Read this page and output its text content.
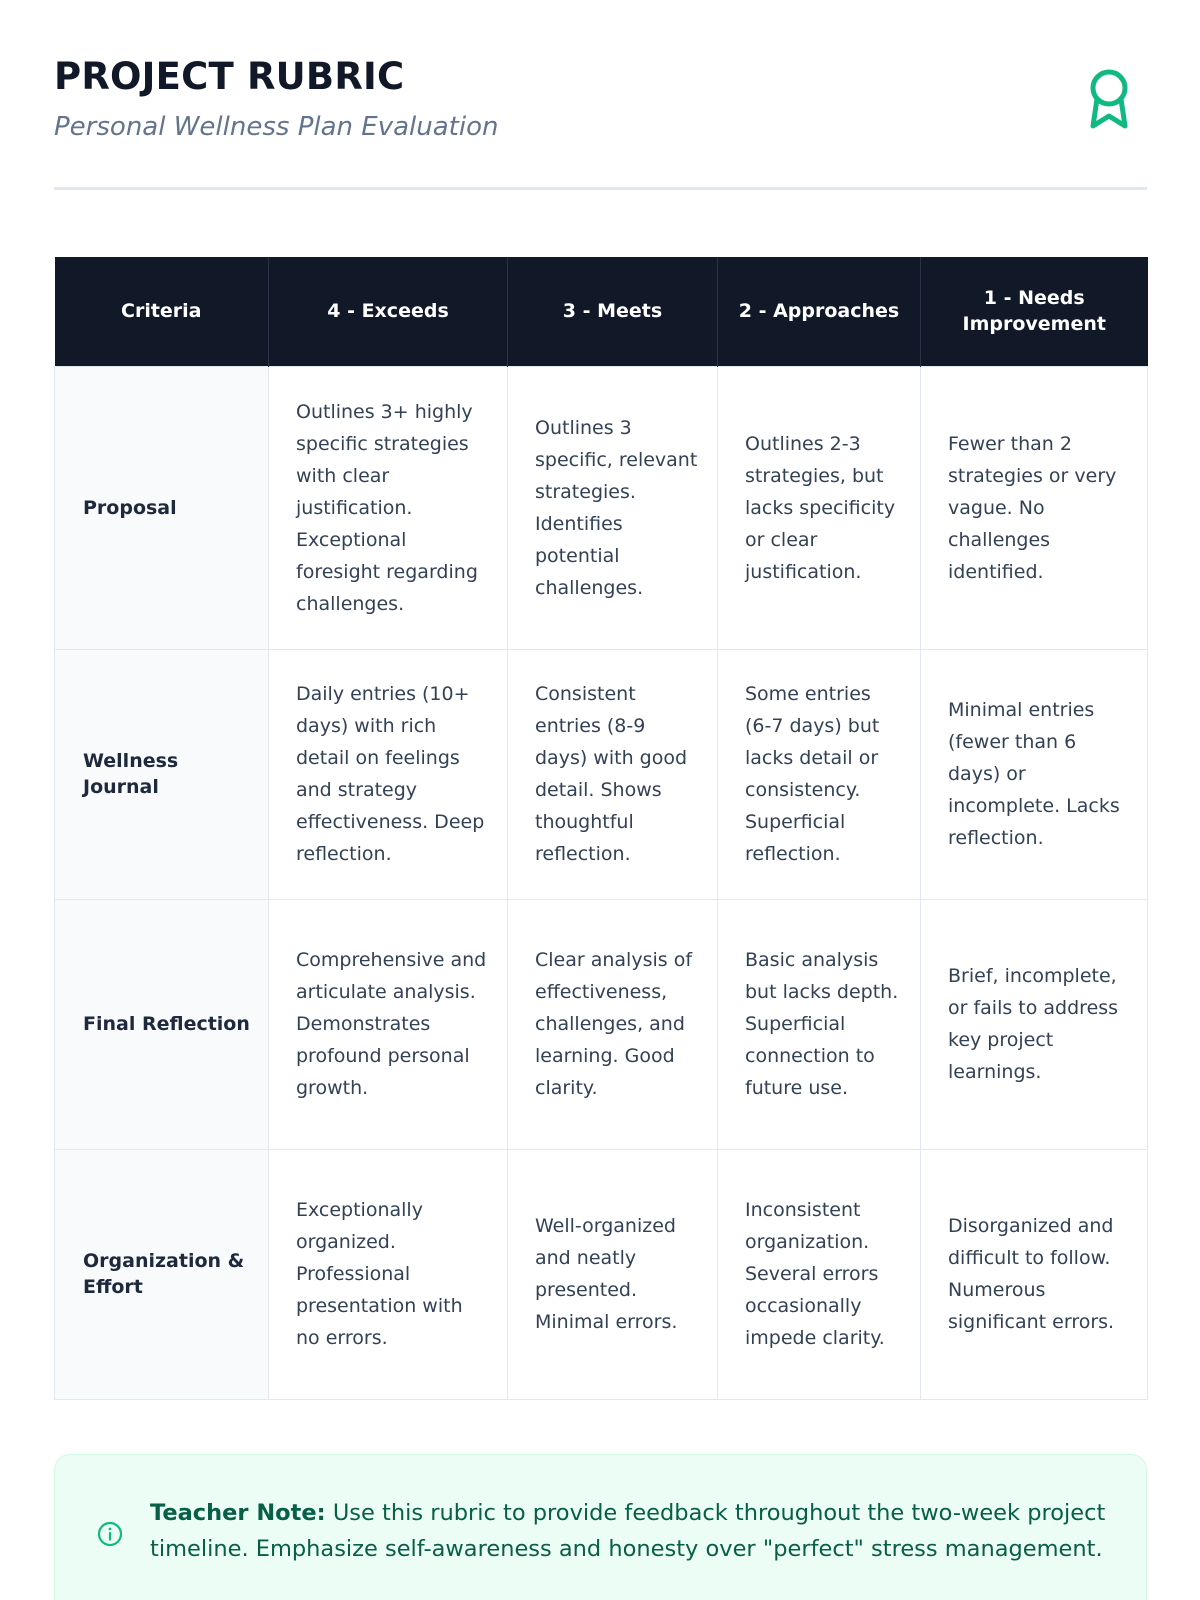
PROJECT RUBRIC
Personal Wellness Plan Evaluation
Criteria	4 - Exceeds	3 - Meets	2 - Approaches	1 - Needs Improvement
Proposal	Outlines 3+ highly specific strategies with clear justification. Exceptional foresight regarding challenges.	Outlines 3 specific, relevant strategies. Identifies potential challenges.	Outlines 2-3 strategies, but lacks specificity or clear justification.	Fewer than 2 strategies or very vague. No challenges identified.
Wellness Journal	Daily entries (10+ days) with rich detail on feelings and strategy effectiveness. Deep reflection.	Consistent entries (8-9 days) with good detail. Shows thoughtful reflection.	Some entries (6-7 days) but lacks detail or consistency. Superficial reflection.	Minimal entries (fewer than 6 days) or incomplete. Lacks reflection.
Final Reflection	Comprehensive and articulate analysis. Demonstrates profound personal growth.	Clear analysis of effectiveness, challenges, and learning. Good clarity.	Basic analysis but lacks depth. Superficial connection to future use.	Brief, incomplete, or fails to address key project learnings.
Organization & Effort	Exceptionally organized. Professional presentation with no errors.	Well-organized and neatly presented. Minimal errors.	Inconsistent organization. Several errors occasionally impede clarity.	Disorganized and difficult to follow. Numerous significant errors.
Teacher Note: Use this rubric to provide feedback throughout the two-week project timeline. Emphasize self-awareness and honesty over "perfect" stress management.
